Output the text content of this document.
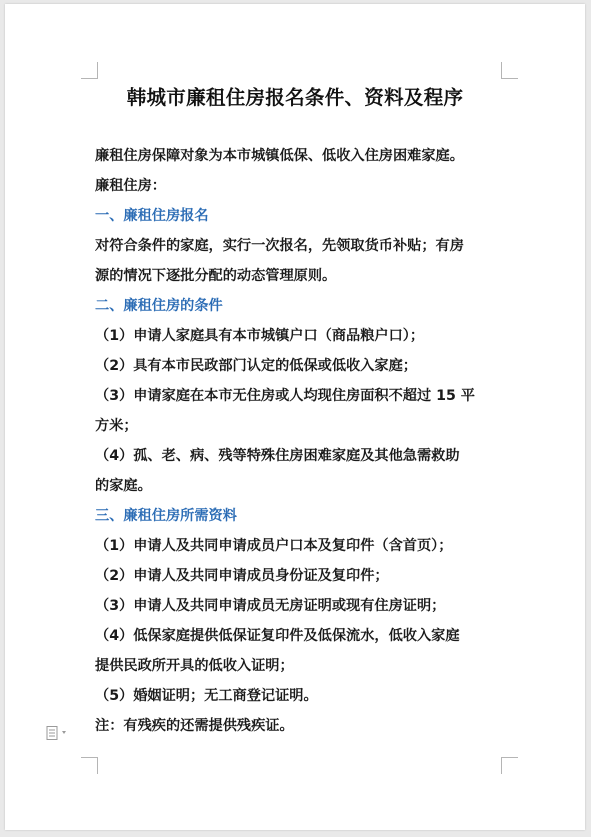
韩城市廉租住房报名条件、资料及程序

廉租住房保障对象为本市城镇低保、低收入住房困难家庭。

廉租住房：

一、廉租住房报名

对符合条件的家庭，实行一次报名，先领取货币补贴；有房

源的情况下逐批分配的动态管理原则。

二、廉租住房的条件

（1）申请人家庭具有本市城镇户口（商品粮户口）；

（2）具有本市民政部门认定的低保或低收入家庭；

（3）申请家庭在本市无住房或人均现住房面积不超过 15 平

方米；

（4）孤、老、病、残等特殊住房困难家庭及其他急需救助

的家庭。

三、廉租住房所需资料

（1）申请人及共同申请成员户口本及复印件（含首页）；

（2）申请人及共同申请成员身份证及复印件；

（3）申请人及共同申请成员无房证明或现有住房证明；

（4）低保家庭提供低保证复印件及低保流水，低收入家庭

提供民政所开具的低收入证明；

（5）婚姻证明；无工商登记证明。

注：有残疾的还需提供残疾证。
